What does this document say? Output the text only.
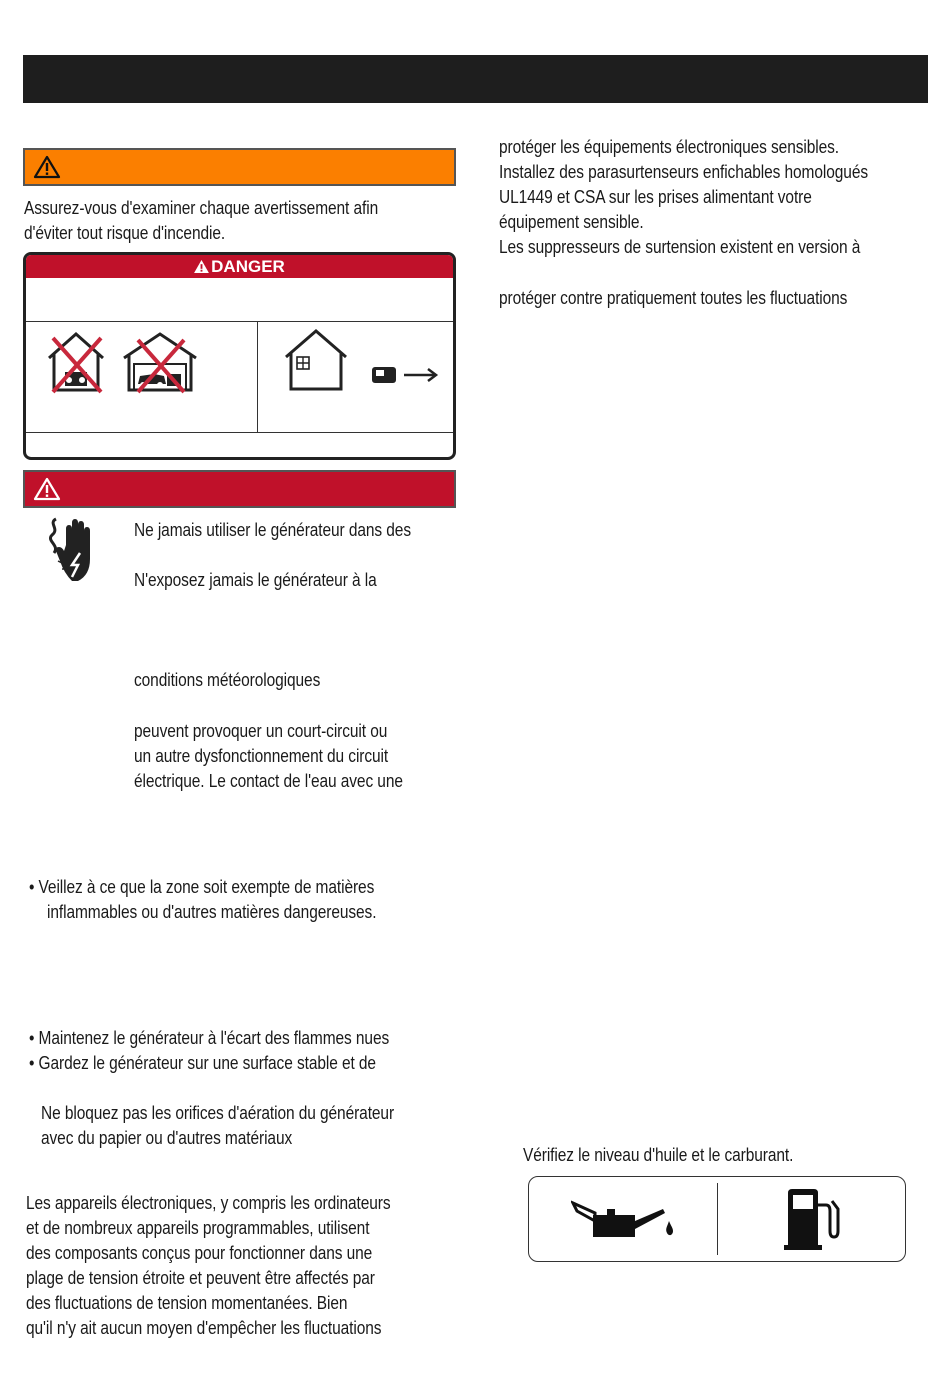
Assurez-vous d'examiner chaque avertissement afin
d'éviter tout risque d'incendie.
DANGER
Ne jamais utiliser le générateur dans des
N'exposez jamais le générateur à la
conditions météorologiques
peuvent provoquer un court-circuit ou
un autre dysfonctionnement du circuit
électrique. Le contact de l'eau avec une
• Veillez à ce que la zone soit exempte de matières
inflammables ou d'autres matières dangereuses.
• Maintenez le générateur à l'écart des flammes nues
• Gardez le générateur sur une surface stable et de
Ne bloquez pas les orifices d'aération du générateur
avec du papier ou d'autres matériaux
Les appareils électroniques, y compris les ordinateurs
et de nombreux appareils programmables, utilisent
des composants conçus pour fonctionner dans une
plage de tension étroite et peuvent être affectés par
des fluctuations de tension momentanées. Bien
qu'il n'y ait aucun moyen d'empêcher les fluctuations
protéger les équipements électroniques sensibles.
Installez des parasurtenseurs enfichables homologués
UL1449 et CSA sur les prises alimentant votre
équipement sensible.
Les suppresseurs de surtension existent en version à
protéger contre pratiquement toutes les fluctuations
Vérifiez le niveau d'huile et le carburant.
